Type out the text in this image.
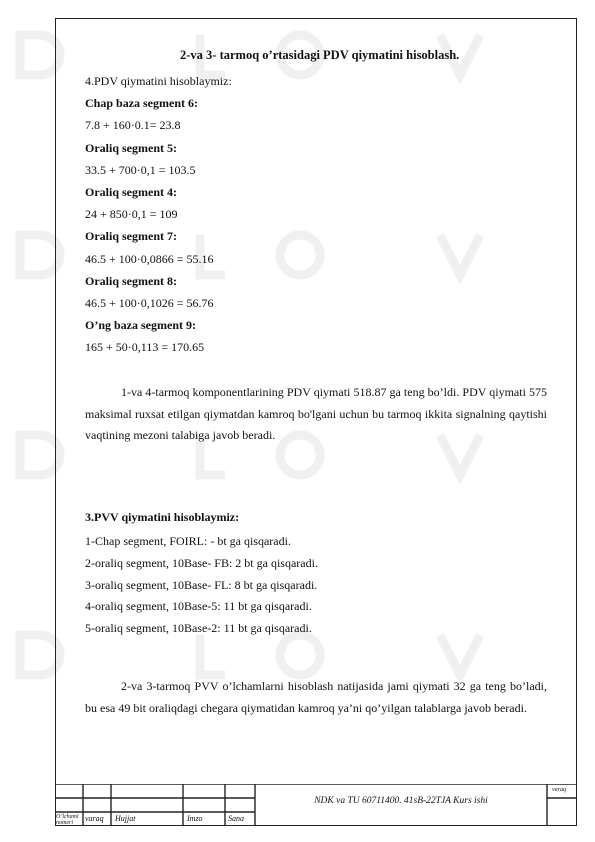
2-va 3- tarmoq o’rtasidagi PDV qiymatini hisoblash.
4.PDV qiymatini hisoblaymiz:
Chap baza segment 6:
7.8 + 160·0.1= 23.8
Oraliq segment 5:
33.5 + 700·0,1 = 103.5
Oraliq segment 4:
24 + 850·0,1 = 109
Oraliq segment 7:
46.5 + 100·0,0866 = 55.16
Oraliq segment 8:
46.5 + 100·0,1026 = 56.76
O’ng baza segment 9:
165 + 50·0,113 = 170.65
1-va 4-tarmoq komponentlarining PDV qiymati 518.87 ga teng bo’ldi. PDV qiymati 575 maksimal ruxsat etilgan qiymatdan kamroq bo'lgani uchun bu tarmoq ikkita signalning qaytishi vaqtining mezoni talabiga javob beradi.
3.PVV qiymatini hisoblaymiz:
1-Chap segment, FOIRL: - bt ga qisqaradi.
2-oraliq segment, 10Base- FB: 2 bt ga qisqaradi.
3-oraliq segment, 10Base- FL: 8 bt ga qisqaradi.
4-oraliq segment, 10Base-5: 11 bt ga qisqaradi.
5-oraliq segment, 10Base-2: 11 bt ga qisqaradi.
2-va 3-tarmoq PVV o’lchamlarni hisoblash natijasida jami qiymati 32 ga teng bo’ladi, bu esa 49 bit oraliqdagi chegara qiymatidan kamroq ya’ni qo’yilgan talablarga javob beradi.
O’lchami
nomeri varaq Hujjat	Imzo	Sana
NDK va TU 60711400. 41sB-22TJA Kurs ishi
varaq
